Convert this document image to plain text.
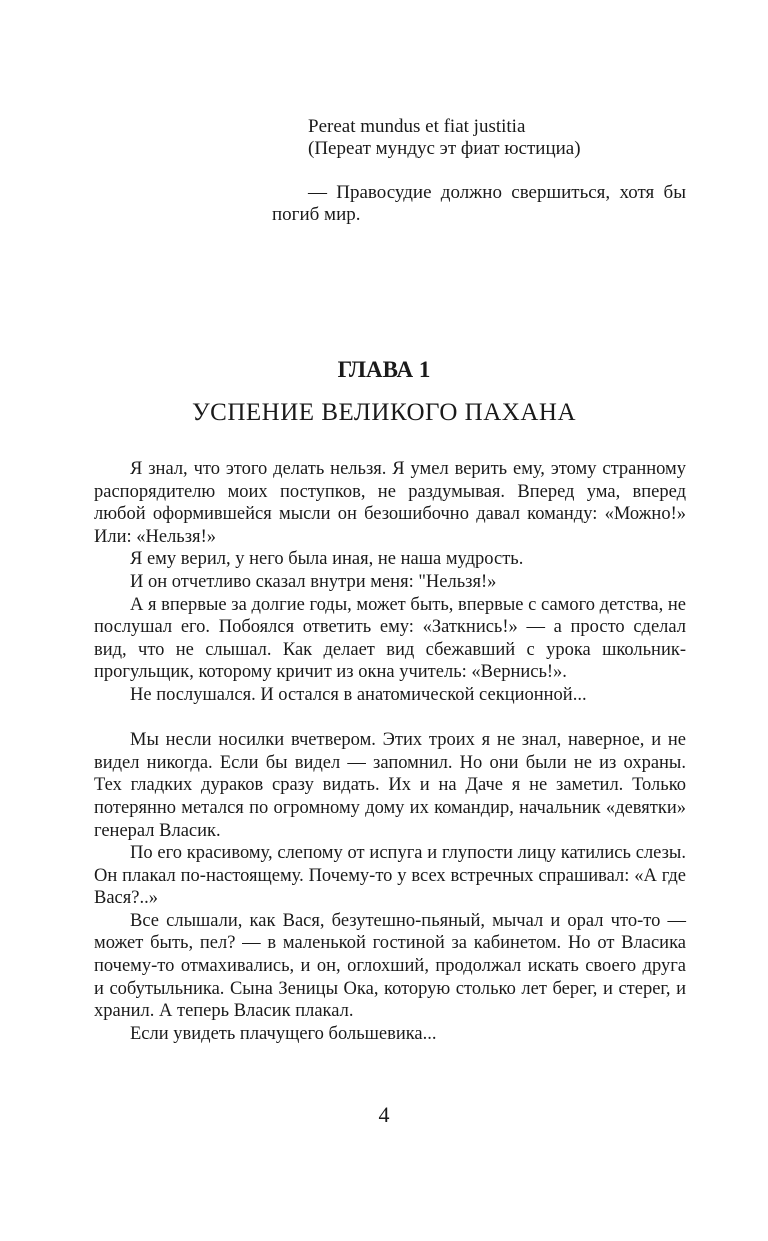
Pereat mundus et fiat justitia
(Переат мундус эт фиат юстициа)
— Правосудие должно свершиться, хотя бы погиб мир.
ГЛАВА 1
УСПЕНИЕ ВЕЛИКОГО ПАХАНА

Я знал, что этого делать нельзя. Я умел верить ему, этому странному распорядителю моих поступков, не раздумывая. Вперед ума, вперед любой оформившейся мысли он безошибочно давал команду: «Можно!» Или: «Нельзя!»

Я ему верил, у него была иная, не наша мудрость.

И он отчетливо сказал внутри меня: "Нельзя!»

А я впервые за долгие годы, может быть, впервые с самого детства, не послушал его. Побоялся ответить ему: «Заткнись!» — а просто сделал вид, что не слышал. Как делает вид сбежавший с урока школьник-прогульщик, которому кричит из окна учитель: «Вернись!».

Не послушался. И остался в анатомической секционной...

Мы несли носилки вчетвером. Этих троих я не знал, наверное, и не видел никогда. Если бы видел — запомнил. Но они были не из охраны. Тех гладких дураков сразу видать. Их и на Даче я не заметил. Только потерянно метался по огромному дому их командир, начальник «девятки» генерал Власик.

По его красивому, слепому от испуга и глупости лицу катились слезы. Он плакал по-настоящему. Почему-то у всех встречных спрашивал: «А где Вася?..»

Все слышали, как Вася, безутешно-пьяный, мычал и орал что-то — может быть, пел? — в маленькой гостиной за кабинетом. Но от Власика почему-то отмахивались, и он, оглохший, продолжал искать своего друга и собутыльника. Сына Зеницы Ока, которую столько лет берег, и стерег, и хранил. А теперь Власик плакал.

Если увидеть плачущего большевика...

4
